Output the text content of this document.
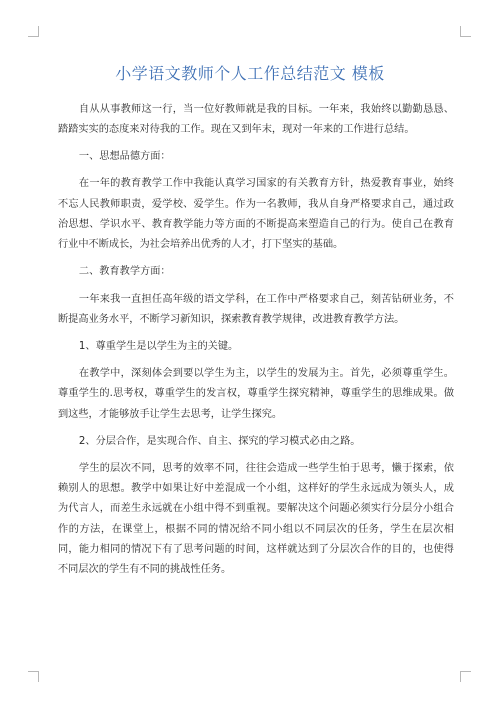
小学语文教师个人工作总结范文 模板

自从从事教师这一行，当一位好教师就是我的目标。一年来，我始终以勤勤恳恳、踏踏实实的态度来对待我的工作。现在又到年末，现对一年来的工作进行总结。

一、思想品德方面：

在一年的教育教学工作中我能认真学习国家的有关教育方针，热爱教育事业，始终不忘人民教师职责，爱学校、爱学生。作为一名教师，我从自身严格要求自己，通过政治思想、学识水平、教育教学能力等方面的不断提高来塑造自己的行为。使自己在教育行业中不断成长，为社会培养出优秀的人才，打下坚实的基础。

二、教育教学方面：

一年来我一直担任高年级的语文学科，在工作中严格要求自己，刻苦钻研业务，不断提高业务水平，不断学习新知识，探索教育教学规律，改进教育教学方法。

1、尊重学生是以学生为主的关键。

在教学中，深刻体会到要以学生为主，以学生的发展为主。首先，必须尊重学生。尊重学生的.思考权，尊重学生的发言权，尊重学生探究精神，尊重学生的思维成果。做到这些，才能够放手让学生去思考，让学生探究。

2、分层合作，是实现合作、自主、探究的学习模式必由之路。

学生的层次不同，思考的效率不同，往往会造成一些学生怕于思考，懒于探索，依赖别人的思想。教学中如果让好中差混成一个小组，这样好的学生永远成为领头人，成为代言人，而差生永远就在小组中得不到重视。要解决这个问题必须实行分层分小组合作的方法，在课堂上，根据不同的情况给不同小组以不同层次的任务，学生在层次相同，能力相同的情况下有了思考问题的时间，这样就达到了分层次合作的目的，也使得不同层次的学生有不同的挑战性任务。
